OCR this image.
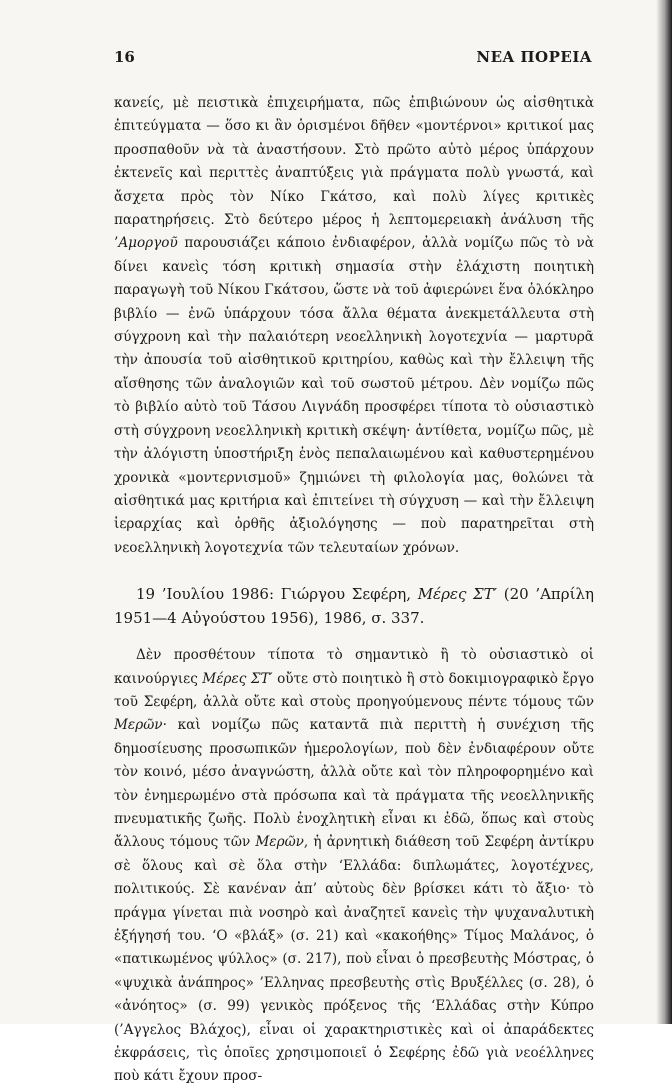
16	ΝΕΑ ΠΟΡΕΙΑ

κανείς, μὲ πειστικὰ ἐπιχειρήματα, πῶς ἐπιβιώνουν ὡς αἰσθητικὰ ἐπιτεύγματα — ὅσο κι ἂν ὁρισμένοι δῆθεν «μοντέρνοι» κριτικοί μας προσπαθοῦν νὰ τὰ ἀναστήσουν. Στὸ πρῶτο αὐτὸ μέρος ὑπάρχουν ἐκτενεῖς καὶ περιττὲς ἀναπτύξεις γιὰ πράγματα πολὺ γνωστά, καὶ ἄσχετα πρὸς τὸν Νίκο Γκάτσο, καὶ πολὺ λίγες κριτικὲς παρατηρήσεις. Στὸ δεύτερο μέρος ἡ λεπτομερειακὴ ἀνάλυση τῆς ’Αμοργοῦ παρουσιάζει κάποιο ἐνδιαφέρον, ἀλλὰ νομίζω πῶς τὸ νὰ δίνει κανεὶς τόση κριτικὴ σημασία στὴν ἐλάχιστη ποιητικὴ παραγωγὴ τοῦ Νίκου Γκάτσου, ὥστε νὰ τοῦ ἀφιερώνει ἕνα ὁλόκληρο βιβλίο — ἐνῶ ὑπάρχουν τόσα ἄλλα θέματα ἀνεκμετάλλευτα στὴ σύγχρονη καὶ τὴν παλαιότερη νεοελληνικὴ λογοτεχνία — μαρτυρᾶ τὴν ἀπουσία τοῦ αἰσθητικοῦ κριτηρίου, καθὼς καὶ τὴν ἔλλειψη τῆς αἴσθησης τῶν ἀναλογιῶν καὶ τοῦ σωστοῦ μέτρου. Δὲν νομίζω πῶς τὸ βιβλίο αὐτὸ τοῦ Τάσου Λιγνάδη προσφέρει τίποτα τὸ οὐσιαστικὸ στὴ σύγχρονη νεοελληνικὴ κριτικὴ σκέψη· ἀντίθετα, νομίζω πῶς, μὲ τὴν ἀλόγιστη ὑποστήριξη ἑνὸς πεπαλαιωμένου καὶ καθυστερημένου χρονικὰ «μοντερνισμοῦ» ζημιώνει τὴ φιλολογία μας, θολώνει τὰ αἰσθητικά μας κριτήρια καὶ ἐπιτείνει τὴ σύγχυση — καὶ τὴν ἔλλειψη ἱεραρχίας καὶ ὀρθῆς ἀξιολόγησης — ποὺ παρατηρεῖται στὴ νεοελληνικὴ λογοτεχνία τῶν τελευταίων χρόνων.

19 ’Ιουλίου 1986: Γιώργου Σεφέρη, Μέρες ΣΤ′ (20 ’Απρίλη 1951—4 Αὐγούστου 1956), 1986, σ. 337.

Δὲν προσθέτουν τίποτα τὸ σημαντικὸ ἢ τὸ οὐσιαστικὸ οἱ καινούργιες Μέρες ΣΤ′ οὔτε στὸ ποιητικὸ ἢ στὸ δοκιμιογραφικὸ ἔργο τοῦ Σεφέρη, ἀλλὰ οὔτε καὶ στοὺς προηγούμενους πέντε τόμους τῶν Μερῶν· καὶ νομίζω πῶς καταντᾶ πιὰ περιττὴ ἡ συνέχιση τῆς δημοσίευσης προσωπικῶν ἡμερολογίων, ποὺ δὲν ἐνδιαφέρουν οὔτε τὸν κοινό, μέσο ἀναγνώστη, ἀλλὰ οὔτε καὶ τὸν πληροφορημένο καὶ τὸν ἐνημερωμένο στὰ πρόσωπα καὶ τὰ πράγματα τῆς νεοελληνικῆς πνευματικῆς ζωῆς. Πολὺ ἐνοχλητικὴ εἶναι κι ἐδῶ, ὅπως καὶ στοὺς ἄλλους τόμους τῶν Μερῶν, ἡ ἀρνητικὴ διάθεση τοῦ Σεφέρη ἀντίκρυ σὲ ὅλους καὶ σὲ ὅλα στὴν ‘Ελλάδα: διπλωμάτες, λογοτέχνες, πολιτικούς. Σὲ κανέναν ἀπ’ αὐτοὺς δὲν βρίσκει κάτι τὸ ἄξιο· τὸ πράγμα γίνεται πιὰ νοσηρὸ καὶ ἀναζητεῖ κανεὶς τὴν ψυχαναλυτικὴ ἐξήγησή του. ‘Ο «βλάξ» (σ. 21) καὶ «κακοήθης» Τίμος Μαλάνος, ὁ «πατικωμένος ψύλλος» (σ. 217), ποὺ εἶναι ὁ πρεσβευτὴς Μόστρας, ὁ «ψυχικὰ ἀνάπηρος» ’Ελληνας πρεσβευτὴς στὶς Βρυξέλλες (σ. 28), ὁ «ἀνόητος» (σ. 99) γενικὸς πρόξενος τῆς ‘Ελλάδας στὴν Κύπρο (’Αγγελος Βλάχος), εἶναι οἱ χαρακτηριστικὲς καὶ οἱ ἀπαράδεκτες ἐκφράσεις, τὶς ὁποῖες χρησιμοποιεῖ ὁ Σεφέρης ἐδῶ γιὰ νεοέλληνες ποὺ κάτι ἔχουν προσ-
